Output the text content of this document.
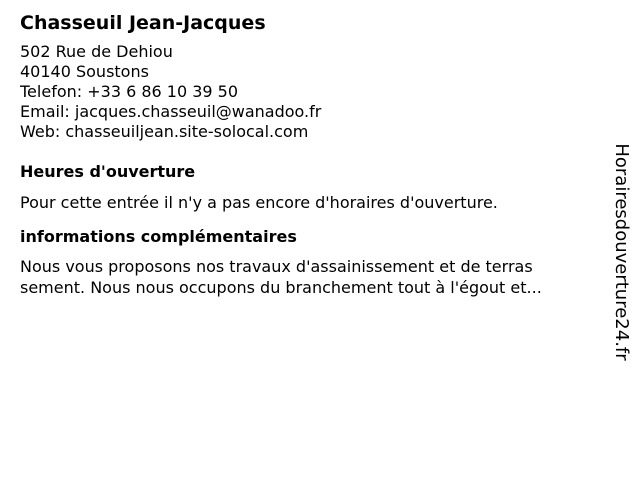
Chasseuil Jean-Jacques
502 Rue de Dehiou
40140 Soustons
Telefon: +33 6 86 10 39 50
Email: jacques.chasseuil@wanadoo.fr
Web: chasseuiljean.site-solocal.com
Heures d'ouverture
Pour cette entrée il n'y a pas encore d'horaires d'ouverture.
informations complémentaires
Nous vous proposons nos travaux d'assainissement et de terras
sement. Nous nous occupons du branchement tout à l'égout et...	Horairesdouverture24.fr
